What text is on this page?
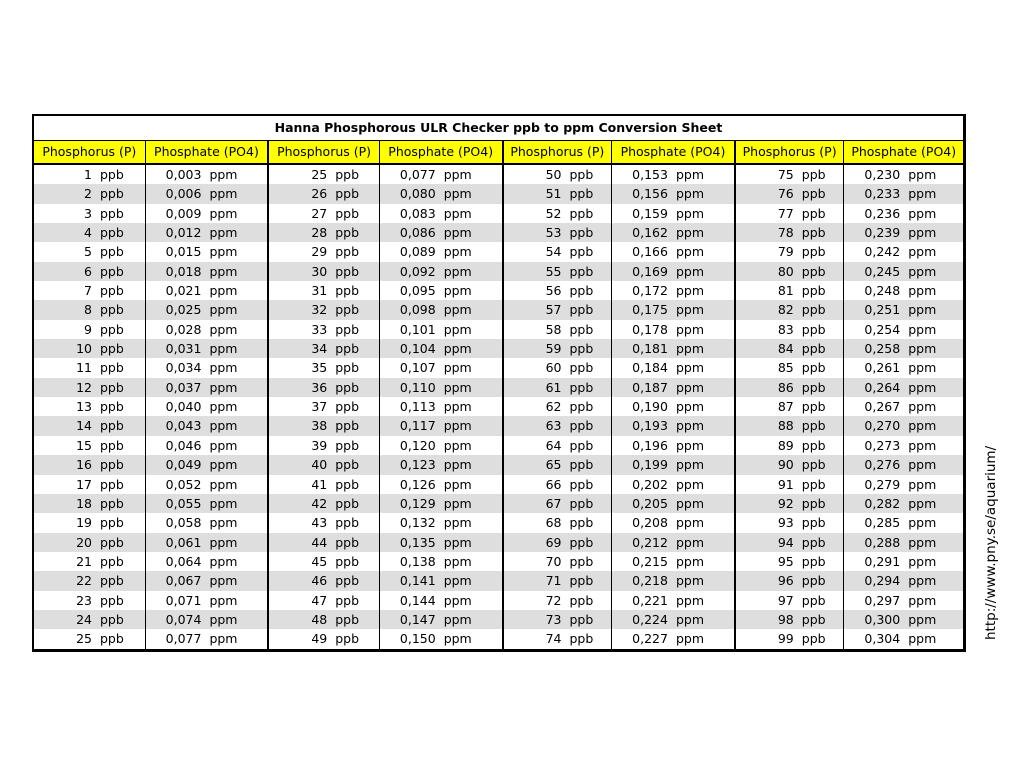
Hanna Phosphorous ULR Checker ppb to ppm Conversion Sheet
Phosphorus (P)	Phosphate (PO4)	Phosphorus (P)	Phosphate (PO4)	Phosphorus (P)	Phosphate (PO4)	Phosphorus (P)	Phosphate (PO4)
1 ppb	0,003 ppm	25 ppb	0,077 ppm	50 ppb	0,153 ppm	75 ppb	0,230 ppm
2 ppb	0,006 ppm	26 ppb	0,080 ppm	51 ppb	0,156 ppm	76 ppb	0,233 ppm
3 ppb	0,009 ppm	27 ppb	0,083 ppm	52 ppb	0,159 ppm	77 ppb	0,236 ppm
4 ppb	0,012 ppm	28 ppb	0,086 ppm	53 ppb	0,162 ppm	78 ppb	0,239 ppm
5 ppb	0,015 ppm	29 ppb	0,089 ppm	54 ppb	0,166 ppm	79 ppb	0,242 ppm
6 ppb	0,018 ppm	30 ppb	0,092 ppm	55 ppb	0,169 ppm	80 ppb	0,245 ppm
7 ppb	0,021 ppm	31 ppb	0,095 ppm	56 ppb	0,172 ppm	81 ppb	0,248 ppm
8 ppb	0,025 ppm	32 ppb	0,098 ppm	57 ppb	0,175 ppm	82 ppb	0,251 ppm
9 ppb	0,028 ppm	33 ppb	0,101 ppm	58 ppb	0,178 ppm	83 ppb	0,254 ppm
10 ppb	0,031 ppm	34 ppb	0,104 ppm	59 ppb	0,181 ppm	84 ppb	0,258 ppm
11 ppb	0,034 ppm	35 ppb	0,107 ppm	60 ppb	0,184 ppm	85 ppb	0,261 ppm
12 ppb	0,037 ppm	36 ppb	0,110 ppm	61 ppb	0,187 ppm	86 ppb	0,264 ppm
13 ppb	0,040 ppm	37 ppb	0,113 ppm	62 ppb	0,190 ppm	87 ppb	0,267 ppm
14 ppb	0,043 ppm	38 ppb	0,117 ppm	63 ppb	0,193 ppm	88 ppb	0,270 ppm
15 ppb	0,046 ppm	39 ppb	0,120 ppm	64 ppb	0,196 ppm	89 ppb	0,273 ppm
16 ppb	0,049 ppm	40 ppb	0,123 ppm	65 ppb	0,199 ppm	90 ppb	0,276 ppm
17 ppb	0,052 ppm	41 ppb	0,126 ppm	66 ppb	0,202 ppm	91 ppb	0,279 ppm
18 ppb	0,055 ppm	42 ppb	0,129 ppm	67 ppb	0,205 ppm	92 ppb	0,282 ppm
19 ppb	0,058 ppm	43 ppb	0,132 ppm	68 ppb	0,208 ppm	93 ppb	0,285 ppm
20 ppb	0,061 ppm	44 ppb	0,135 ppm	69 ppb	0,212 ppm	94 ppb	0,288 ppm
21 ppb	0,064 ppm	45 ppb	0,138 ppm	70 ppb	0,215 ppm	95 ppb	0,291 ppm
22 ppb	0,067 ppm	46 ppb	0,141 ppm	71 ppb	0,218 ppm	96 ppb	0,294 ppm
23 ppb	0,071 ppm	47 ppb	0,144 ppm	72 ppb	0,221 ppm	97 ppb	0,297 ppm
24 ppb	0,074 ppm	48 ppb	0,147 ppm	73 ppb	0,224 ppm	98 ppb	0,300 ppm
25 ppb	0,077 ppm	49 ppb	0,150 ppm	74 ppb	0,227 ppm	99 ppb	0,304 ppm	http://www.pny.se/aquarium/
